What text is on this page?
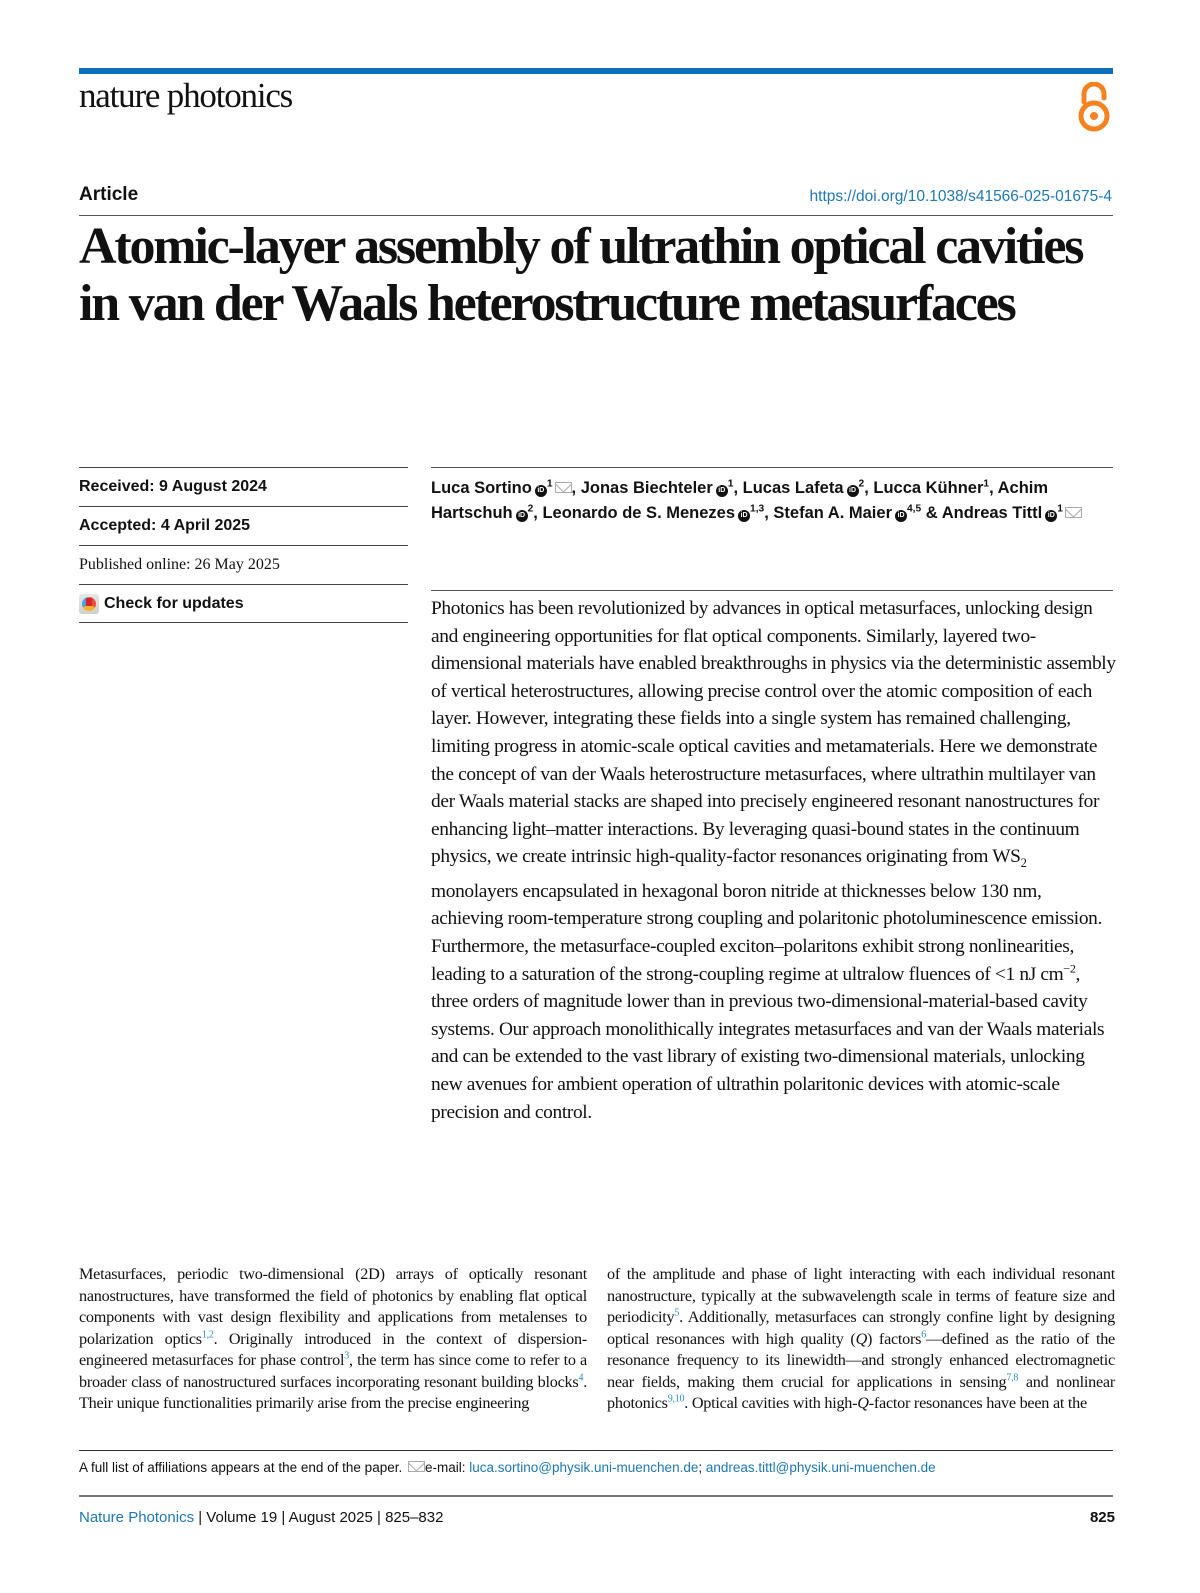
nature photonics
Article	https://doi.org/10.1038/s41566-025-01675-4
Atomic-layer assembly of ultrathin optical cavities in van der Waals heterostructure metasurfaces
Received: 9 August 2024
Accepted: 4 April 2025
Published online: 26 May 2025
Check for updates
Luca Sortino $iD^1$ , Jonas Biechteler $iD^1$, Lucas Lafeta $iD^2$, Lucca Kühner$^1$, Achim Hartschuh $iD^2$, Leonardo de S. Menezes iD$^{1,3}$, Stefan A. Maier iD$^{4,5}$ & Andreas Tittl $iD^1$

Photonics has been revolutionized by advances in optical metasurfaces, unlocking design and engineering opportunities for flat optical components. Similarly, layered two-dimensional materials have enabled breakthroughs in physics via the deterministic assembly of vertical heterostructures, allowing precise control over the atomic composition of each layer. However, integrating these fields into a single system has remained challenging, limiting progress in atomic-scale optical cavities and metamaterials. Here we demonstrate the concept of van der Waals heterostructure metasurfaces, where ultrathin multilayer van der Waals material stacks are shaped into precisely engineered resonant nanostructures for enhancing light–matter interactions. By leveraging quasi-bound states in the continuum physics, we create intrinsic high-quality-factor resonances originating from $WS_2$ monolayers encapsulated in hexagonal boron nitride at thicknesses below 130 nm, achieving room-temperature strong coupling and polaritonic photoluminescence emission. Furthermore, the metasurface-coupled exciton–polaritons exhibit strong nonlinearities, leading to a saturation of the strong-coupling regime at ultralow fluences of <1 nJ $cm^{-2}$, three orders of magnitude lower than in previous two-dimensional-material-based cavity systems. Our approach monolithically integrates metasurfaces and van der Waals materials and can be extended to the vast library of existing two-dimensional materials, unlocking new avenues for ambient operation of ultrathin polaritonic devices with atomic-scale precision and control.

Metasurfaces, periodic two-dimensional (2D) arrays of optically resonant nanostructures, have transformed the field of photonics by enabling flat optical components with vast design flexibility and applications from metalenses to polarization optics$^{1,2}$. Originally introduced in the context of dispersion-engineered metasurfaces for phase control$^3$, the term has since come to refer to a broader class of nanostructured surfaces incorporating resonant building blocks$^4$. Their unique functionalities primarily arise from the precise engineering

of the amplitude and phase of light interacting with each individual resonant nanostructure, typically at the subwavelength scale in terms of feature size and periodicity$^5$. Additionally, metasurfaces can strongly confine light by designing optical resonances with high quality (Q) factors$^6$—defined as the ratio of the resonance frequency to its linewidth—and strongly enhanced electromagnetic near fields, making them crucial for applications in sensing$^{7,8}$ and nonlinear photonics$^{9,10}$. Optical cavities with high-Q-factor resonances have been at the

A full list of affiliations appears at the end of the paper. e-mail: luca.sortino@physik.uni-muenchen.de; andreas.tittl@physik.uni-muenchen.de
Nature Photonics | Volume 19 | August 2025 | 825–832	825
